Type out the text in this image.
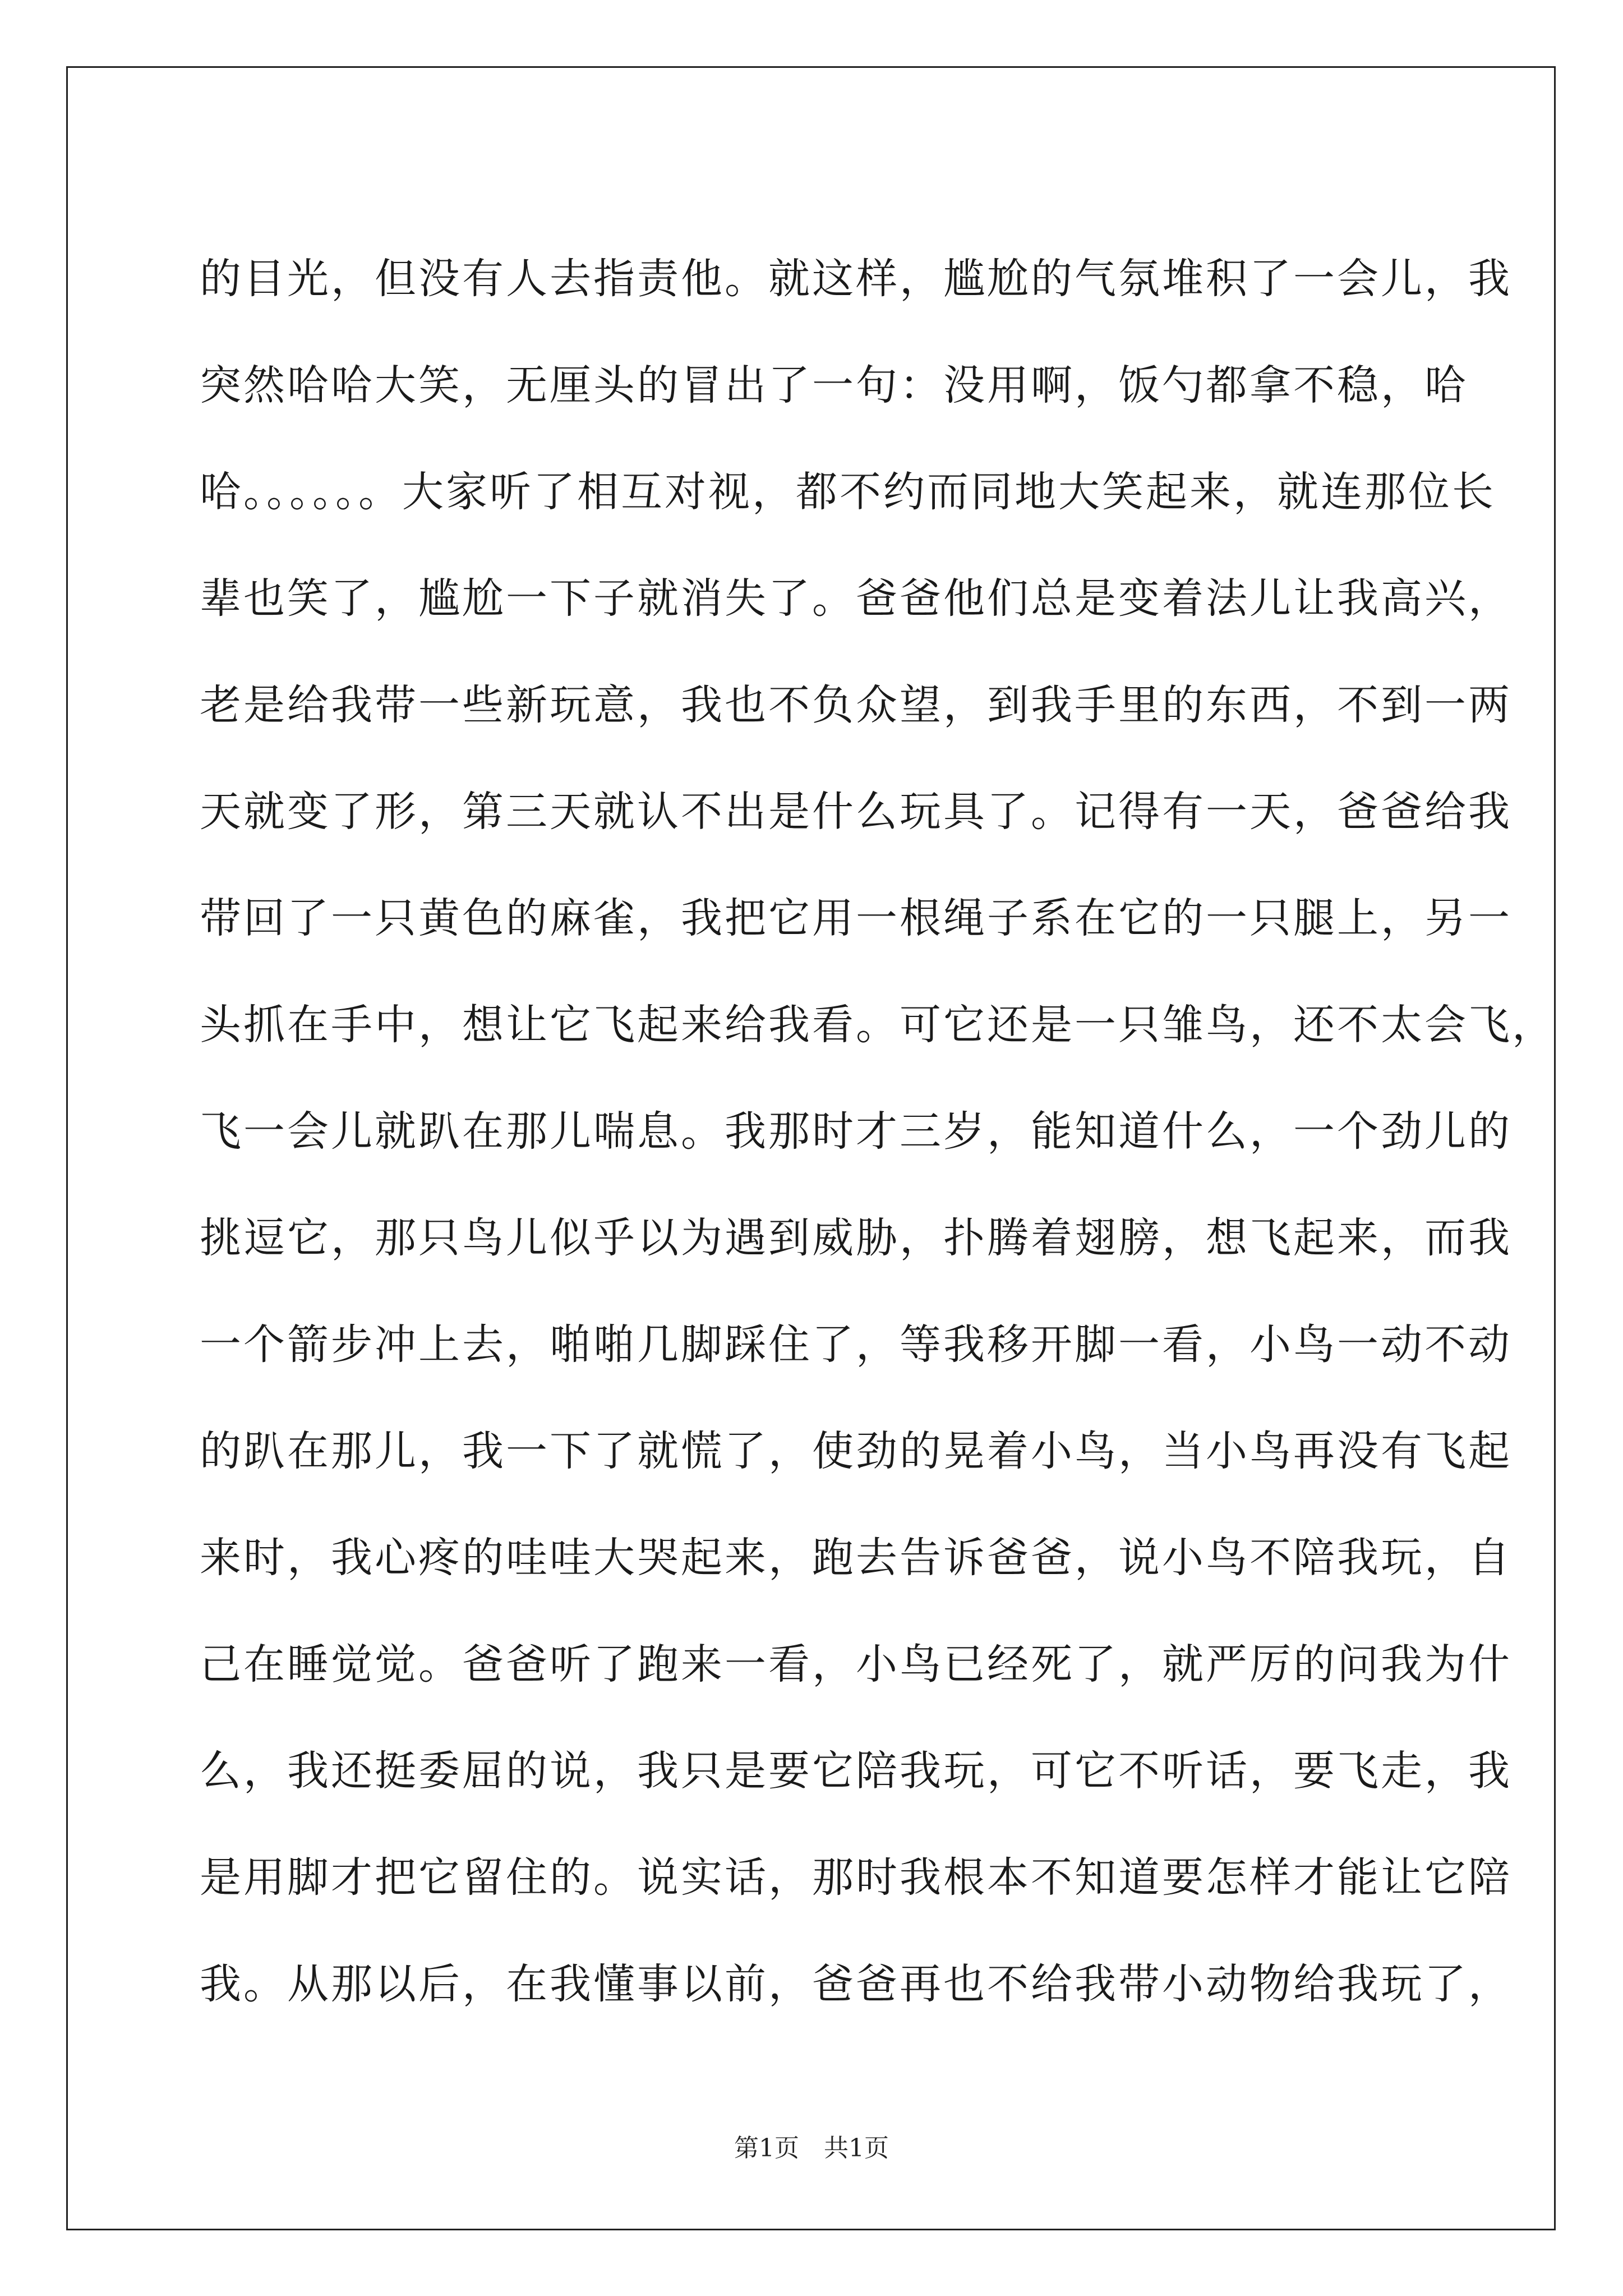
的目光，但没有人去指责他。就这样，尴尬的气氛堆积了一会儿，我
突然哈哈大笑，无厘头的冒出了一句：没用啊，饭勺都拿不稳，哈
哈。。。。。。大家听了相互对视，都不约而同地大笑起来，就连那位长
辈也笑了，尴尬一下子就消失了。爸爸他们总是变着法儿让我高兴，
老是给我带一些新玩意，我也不负众望，到我手里的东西，不到一两
天就变了形，第三天就认不出是什么玩具了。记得有一天，爸爸给我
带回了一只黄色的麻雀，我把它用一根绳子系在它的一只腿上，另一
头抓在手中，想让它飞起来给我看。可它还是一只雏鸟，还不太会飞，
飞一会儿就趴在那儿喘息。我那时才三岁，能知道什么，一个劲儿的
挑逗它，那只鸟儿似乎以为遇到威胁，扑腾着翅膀，想飞起来，而我
一个箭步冲上去，啪啪几脚踩住了，等我移开脚一看，小鸟一动不动
的趴在那儿，我一下了就慌了，使劲的晃着小鸟，当小鸟再没有飞起
来时，我心疼的哇哇大哭起来，跑去告诉爸爸，说小鸟不陪我玩，自
己在睡觉觉。爸爸听了跑来一看，小鸟已经死了，就严厉的问我为什
么，我还挺委屈的说，我只是要它陪我玩，可它不听话，要飞走，我
是用脚才把它留住的。说实话，那时我根本不知道要怎样才能让它陪
我。从那以后，在我懂事以前，爸爸再也不给我带小动物给我玩了，
第1页　共1页
